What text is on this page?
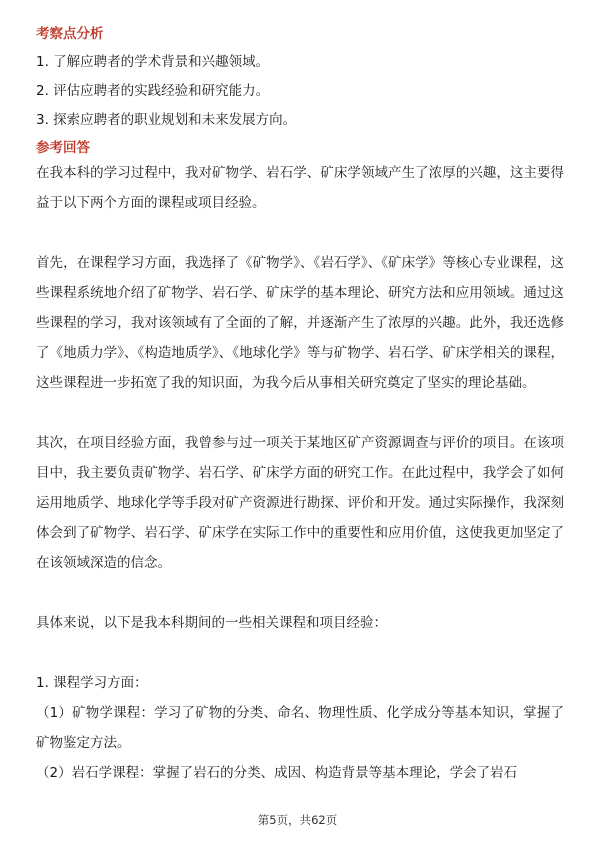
考察点分析

1. 了解应聘者的学术背景和兴趣领域。

2. 评估应聘者的实践经验和研究能力。

3. 探索应聘者的职业规划和未来发展方向。

参考回答

在我本科的学习过程中，我对矿物学、岩石学、矿床学领域产生了浓厚的兴趣，这主要得益于以下两个方面的课程或项目经验。

首先，在课程学习方面，我选择了《矿物学》、《岩石学》、《矿床学》等核心专业课程，这些课程系统地介绍了矿物学、岩石学、矿床学的基本理论、研究方法和应用领域。通过这些课程的学习，我对该领域有了全面的了解，并逐渐产生了浓厚的兴趣。此外，我还选修了《地质力学》、《构造地质学》、《地球化学》等与矿物学、岩石学、矿床学相关的课程，这些课程进一步拓宽了我的知识面，为我今后从事相关研究奠定了坚实的理论基础。

其次，在项目经验方面，我曾参与过一项关于某地区矿产资源调查与评价的项目。在该项目中，我主要负责矿物学、岩石学、矿床学方面的研究工作。在此过程中，我学会了如何运用地质学、地球化学等手段对矿产资源进行勘探、评价和开发。通过实际操作，我深刻体会到了矿物学、岩石学、矿床学在实际工作中的重要性和应用价值，这使我更加坚定了在该领域深造的信念。

具体来说，以下是我本科期间的一些相关课程和项目经验：

1. 课程学习方面：

（1）矿物学课程：学习了矿物的分类、命名、物理性质、化学成分等基本知识，掌握了矿物鉴定方法。

（2）岩石学课程：掌握了岩石的分类、成因、构造背景等基本理论，学会了岩石

第5页，共62页
